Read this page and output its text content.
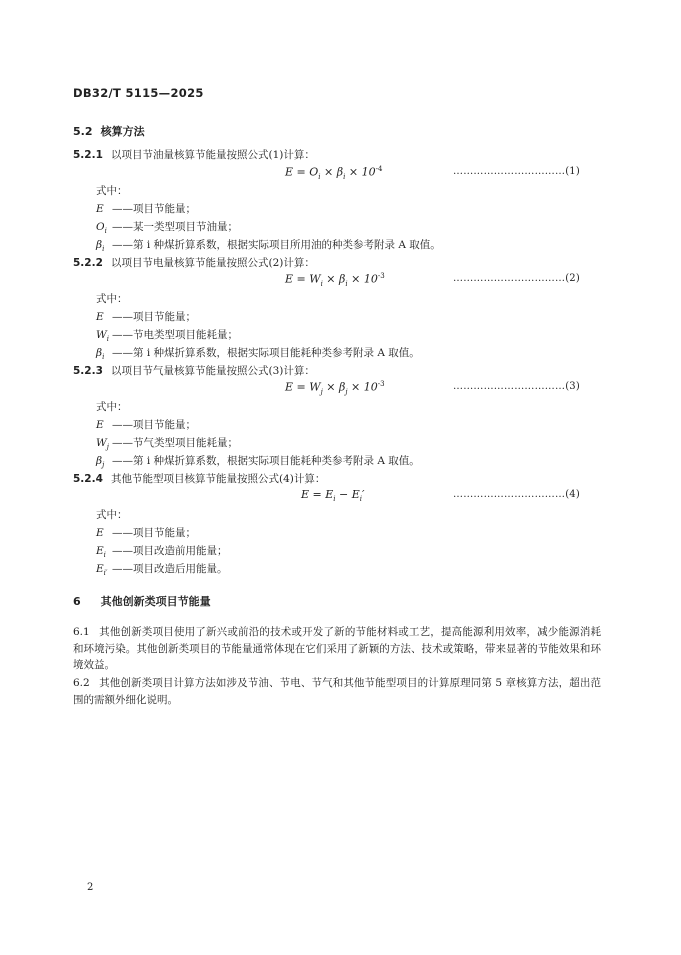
DB32/T 5115—2025
5.2 核算方法
5.2.1 以项目节油量核算节能量按照公式(1)计算：
$E = O_i \times \beta_i \times 10^{-4}$	……………………………(1)
式中：
E ——项目节能量；
$O_i$ ——某一类型项目节油量；
$\beta_i$ ——第 i 种煤折算系数，根据实际项目所用油的种类参考附录 A 取值。
5.2.2 以项目节电量核算节能量按照公式(2)计算：
$E = W_i \times \beta_i \times 10^{-3}$	……………………………(2)
式中：
E ——项目节能量；
$W_i$ ——节电类型项目能耗量；
$\beta_i$ ——第 i 种煤折算系数，根据实际项目能耗种类参考附录 A 取值。
5.2.3 以项目节气量核算节能量按照公式(3)计算：
$E = W_j \times \beta_j \times 10^{-3}$	……………………………(3)
式中：
E ——项目节能量；
$W_j$ ——节气类型项目能耗量；
$\beta_j$ ——第 i 种煤折算系数，根据实际项目能耗种类参考附录 A 取值。
5.2.4 其他节能型项目核算节能量按照公式(4)计算：
$E = E_i - E_i'$	……………………………(4)
式中：
E ——项目节能量；
$E_i$ ——项目改造前用能量；
$E_{i'}$ ——项目改造后用能量。
6 其他创新类项目节能量
6.1 其他创新类项目使用了新兴或前沿的技术或开发了新的节能材料或工艺，提高能源利用效率，减少能源消耗和环境污染。其他创新类项目的节能量通常体现在它们采用了新颖的方法、技术或策略，带来显著的节能效果和环境效益。
6.2 其他创新类项目计算方法如涉及节油、节电、节气和其他节能型项目的计算原理同第 5 章核算方法，超出范围的需额外细化说明。
2
